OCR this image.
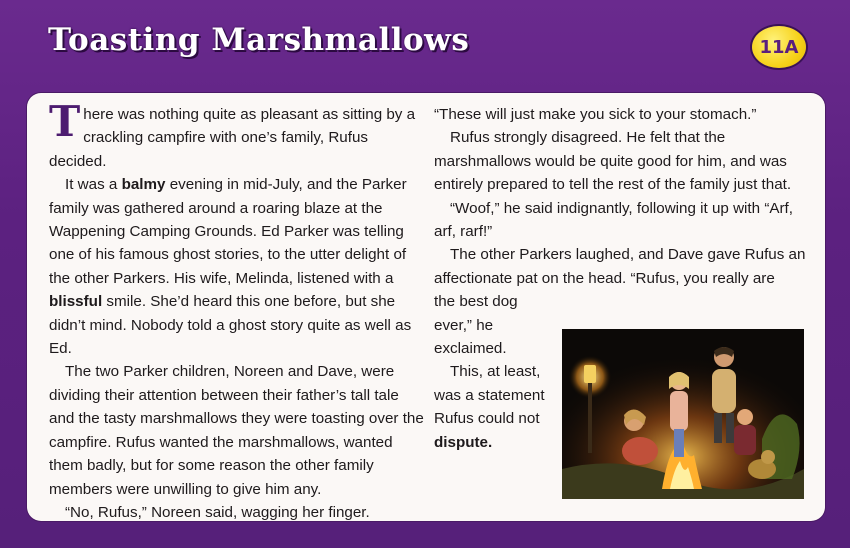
Toasting Marshmallows	11A

There was nothing quite as pleasant as sitting by a crackling campfire with one’s family, Rufus decided.

It was a balmy evening in mid-July, and the Parker family was gathered around a roaring blaze at the Wappening Camping Grounds. Ed Parker was telling one of his famous ghost stories, to the utter delight of the other Parkers. His wife, Melinda, listened with a blissful smile. She’d heard this one before, but she didn’t mind. Nobody told a ghost story quite as well as Ed.

The two Parker children, Noreen and Dave, were dividing their attention between their father’s tall tale and the tasty marshmallows they were toasting over the campfire. Rufus wanted the marshmallows, wanted them badly, but for some reason the other family members were unwilling to give him any.

“No, Rufus,” Noreen said, wagging her finger.

“These will just make you sick to your stomach.”

Rufus strongly disagreed. He felt that the marshmallows would be quite good for him, and was entirely prepared to tell the rest of the family just that.

“Woof,” he said indignantly, following it up with “Arf, arf, rarf!”

The other Parkers laughed, and Dave gave Rufus an affectionate pat on the head. “Rufus, you really are

the best dog

ever,” he

exclaimed.

This, at least,

was a statement

Rufus could not

dispute.
